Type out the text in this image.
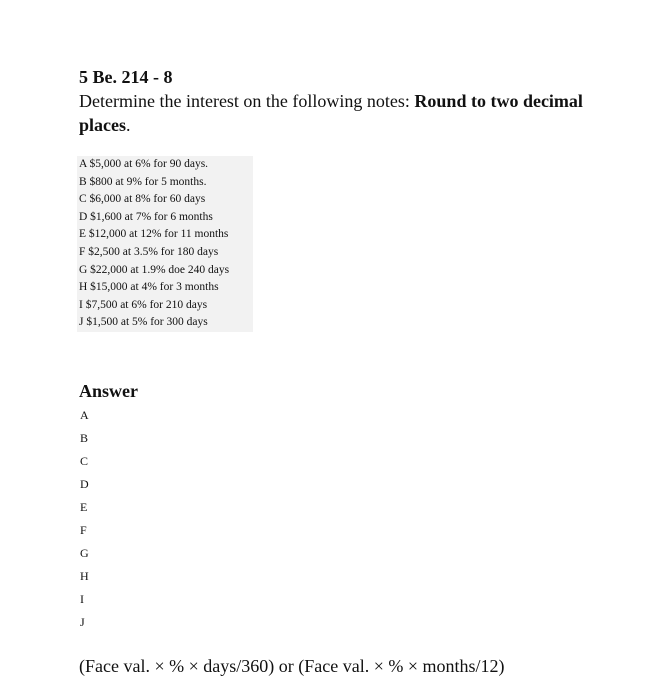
5 Be. 214 - 8
Determine the interest on the following notes: Round to two decimal places.
A $5,000 at 6% for 90 days.
B $800 at 9% for 5 months.
C $6,000 at 8% for 60 days
D $1,600 at 7% for 6 months
E $12,000 at 12% for 11 months
F $2,500 at 3.5% for 180 days
G $22,000 at 1.9% doe 240 days
H $15,000 at 4% for 3 months
I $7,500 at 6% for 210 days
J $1,500 at 5% for 300 days
Answer
A
B
C
D
E
F
G
H
I
J
(Face val. × % × days/360) or (Face val. × % × months/12)
